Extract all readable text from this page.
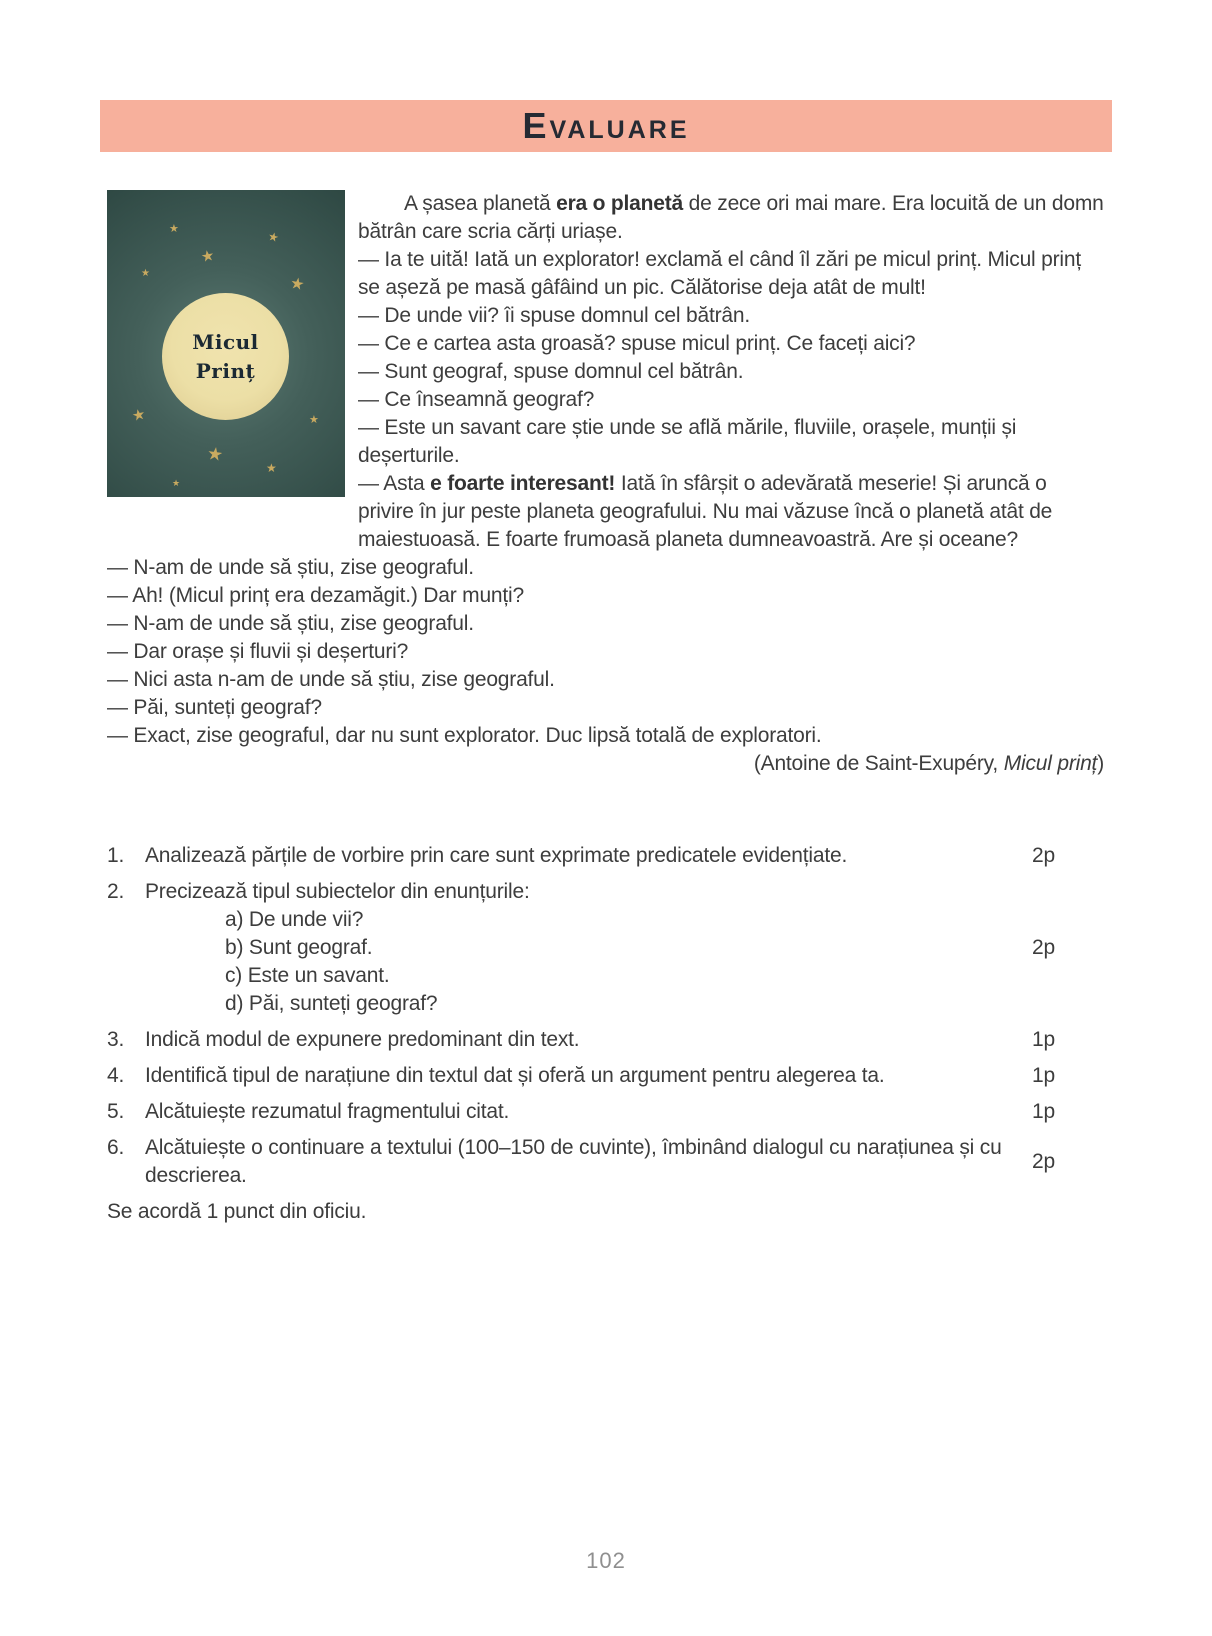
Evaluare
★	★
★
★
★
★	★
★
★
★
Micul
Prinț

A șasea planetă era o planetă de zece ori mai mare. Era locuită de un domn bătrân care scria cărți uriașe.

— Ia te uită! Iată un explorator! exclamă el când îl zări pe micul prinț. Micul prinț se așeză pe masă gâfâind un pic. Călătorise deja atât de mult!

— De unde vii? îi spuse domnul cel bătrân.

— Ce e cartea asta groasă? spuse micul prinț. Ce faceți aici?

— Sunt geograf, spuse domnul cel bătrân.

— Ce înseamnă geograf?

— Este un savant care știe unde se află mările, fluviile, orașele, munții și deșerturile.

— Asta e foarte interesant! Iată în sfârșit o adevărată meserie! Și aruncă o privire în jur peste planeta geografului. Nu mai văzuse încă o planetă atât de maiestuoasă. E foarte frumoasă planeta dumneavoastră. Are și oceane?

— N-am de unde să știu, zise geograful.

— Ah! (Micul prinț era dezamăgit.) Dar munți?

— N-am de unde să știu, zise geograful.

— Dar orașe și fluvii și deșerturi?

— Nici asta n-am de unde să știu, zise geograful.

— Păi, sunteți geograf?

— Exact, zise geograful, dar nu sunt explorator. Duc lipsă totală de exploratori.

(Antoine de Saint-Exupéry, Micul prinț)

1. Analizează părțile de vorbire prin care sunt exprimate predicatele evidențiate.	2p
2. Precizează tipul subiectelor din enunțurile:
a) De unde vii?
b) Sunt geograf.	2p
c) Este un savant.
d) Păi, sunteți geograf?
3. Indică modul de expunere predominant din text.	1p
4. Identifică tipul de narațiune din textul dat și oferă un argument pentru alegerea ta.	1p
5. Alcătuiește rezumatul fragmentului citat.	1p
6. Alcătuiește o continuare a textului (100–150 de cuvinte), îmbinând dialogul cu narațiunea și cu descrierea.
2p

Se acordă 1 punct din oficiu.

102
